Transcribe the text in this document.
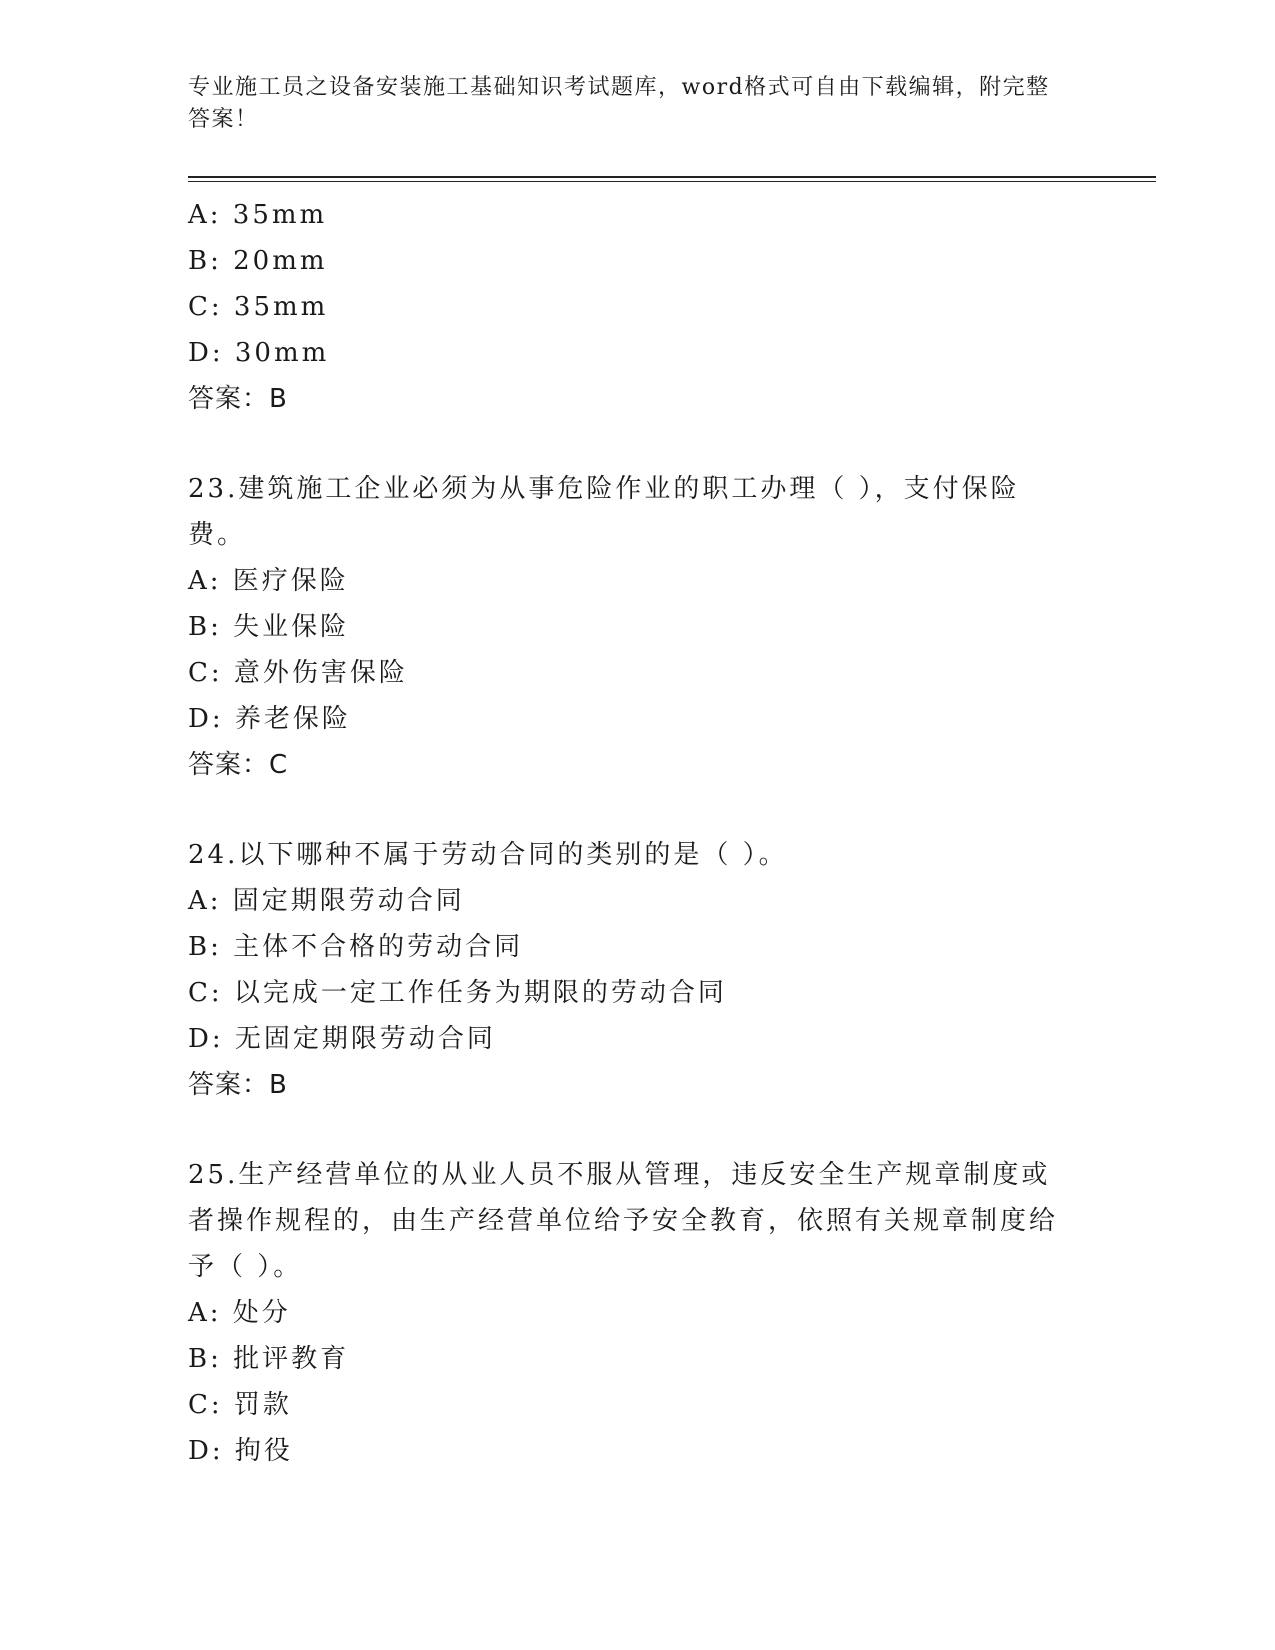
专业施工员之设备安装施工基础知识考试题库，word格式可自由下载编辑，附完整答案！
A: 35mm
B: 20mm
C: 35mm
D: 30mm
答案：B
23.建筑施工企业必须为从事危险作业的职工办理（ ），支付保险费。
A: 医疗保险
B: 失业保险
C: 意外伤害保险
D: 养老保险
答案：C
24.以下哪种不属于劳动合同的类别的是（ ）。
A: 固定期限劳动合同
B: 主体不合格的劳动合同
C: 以完成一定工作任务为期限的劳动合同
D: 无固定期限劳动合同
答案：B
25.生产经营单位的从业人员不服从管理，违反安全生产规章制度或者操作规程的，由生产经营单位给予安全教育，依照有关规章制度给予（ ）。
A: 处分
B: 批评教育
C: 罚款
D: 拘役
